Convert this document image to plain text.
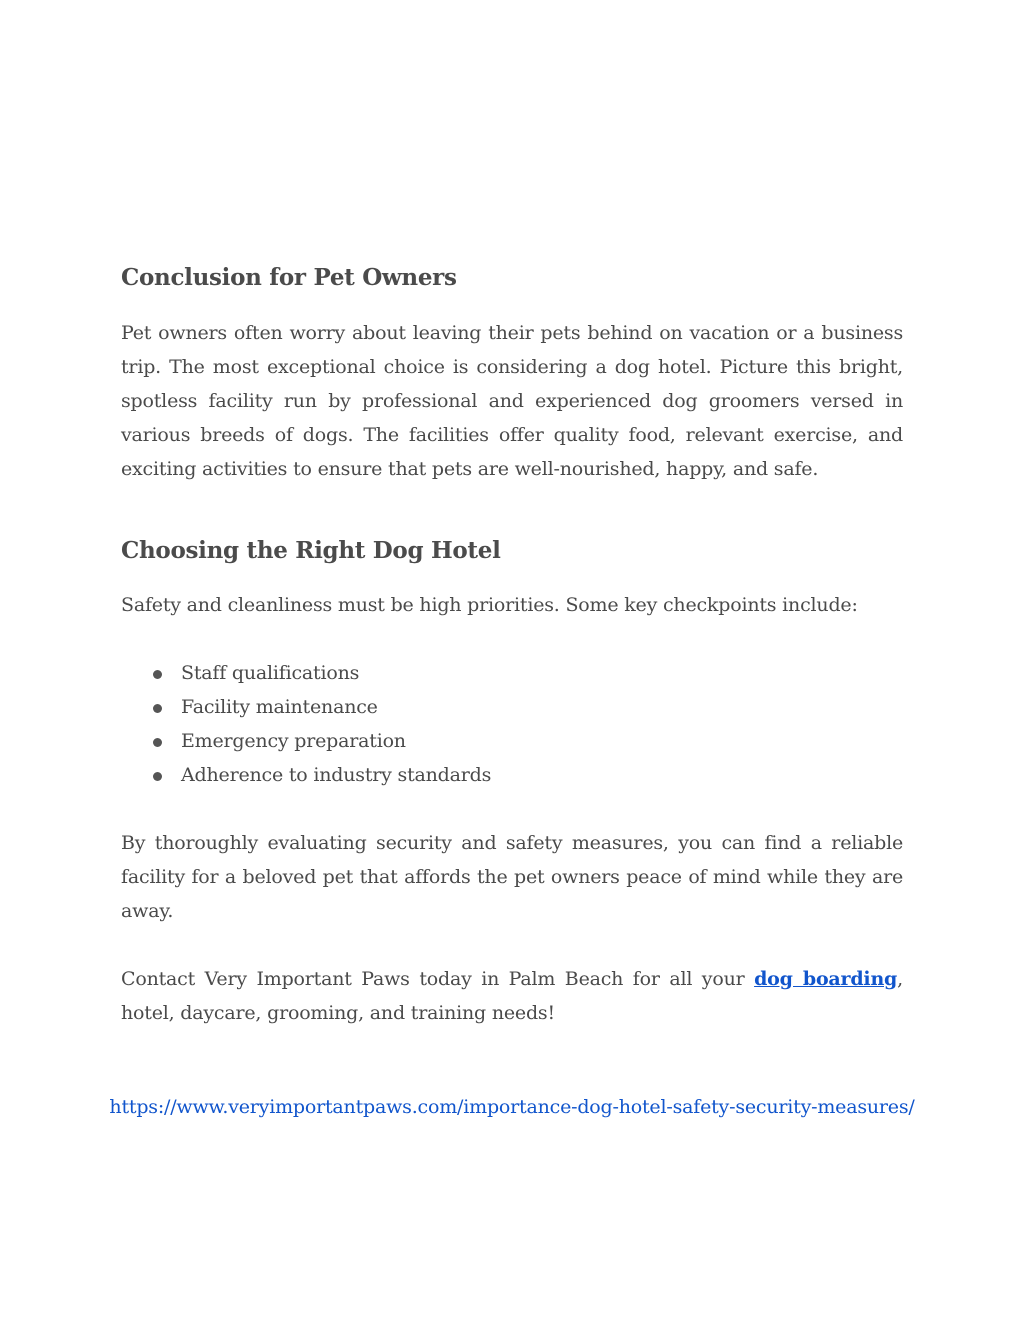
Conclusion for Pet Owners

Pet owners often worry about leaving their pets behind on vacation or a business trip. The most exceptional choice is considering a dog hotel. Picture this bright, spotless facility run by professional and experienced dog groomers versed in various breeds of dogs. The facilities offer quality food, relevant exercise, and exciting activities to ensure that pets are well-nourished, happy, and safe.

Choosing the Right Dog Hotel

Safety and cleanliness must be high priorities. Some key checkpoints include:

Staff qualifications
Facility maintenance
Emergency preparation
Adherence to industry standards

By thoroughly evaluating security and safety measures, you can find a reliable facility for a beloved pet that affords the pet owners peace of mind while they are away.

Contact Very Important Paws today in Palm Beach for all your dog boarding, hotel, daycare, grooming, and training needs!

https://www.veryimportantpaws.com/importance-dog-hotel-safety-security-measures/
